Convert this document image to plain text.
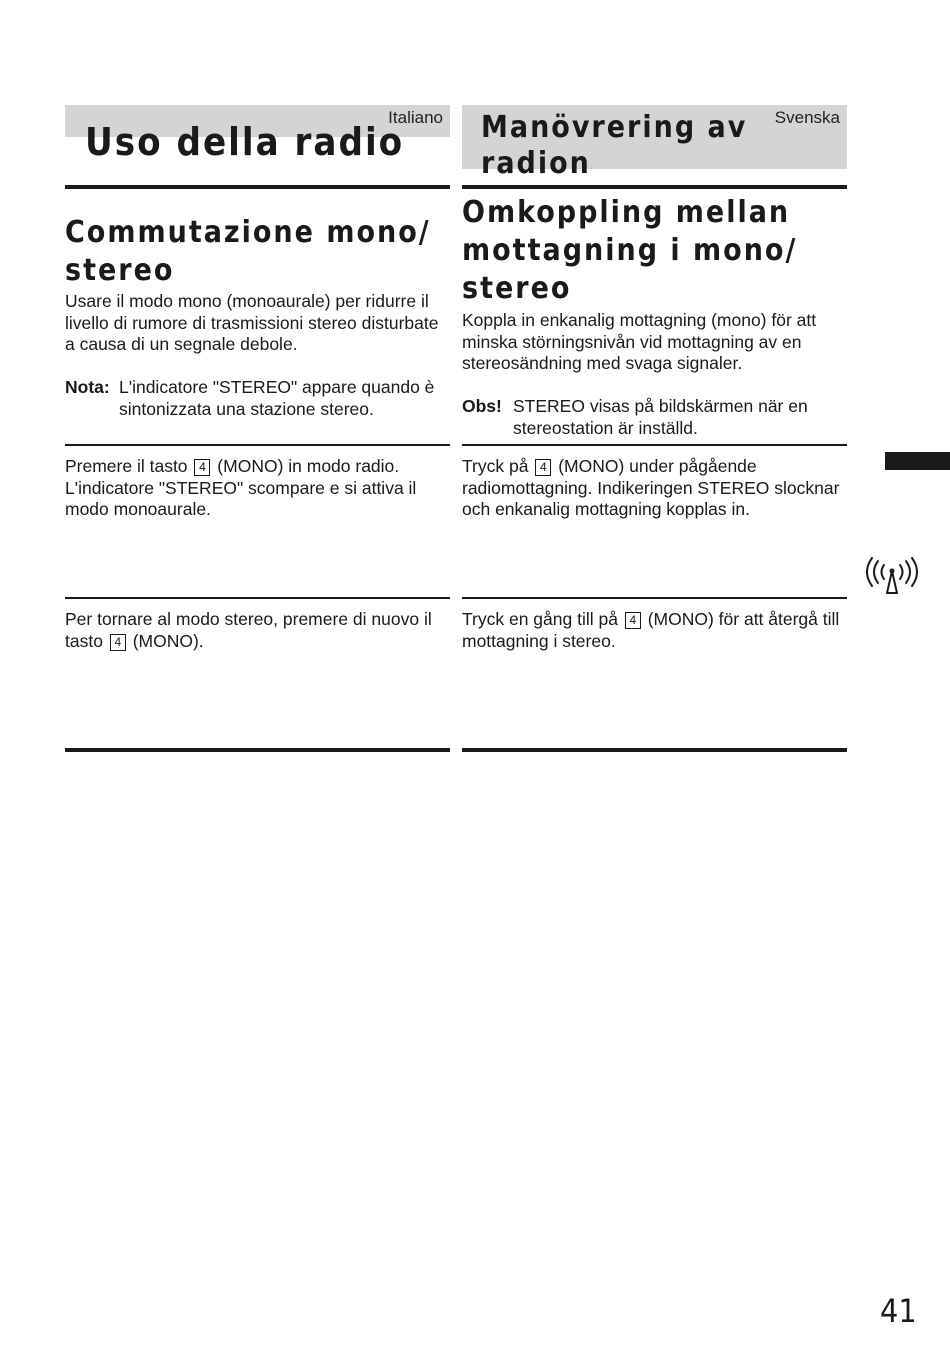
Italiano
Uso della radio
Commutazione mono/
stereo

Usare il modo mono (monoaurale) per ridurre il livello di rumore di trasmissioni stereo disturbate a causa di un segnale debole.

Nota: L'indicatore "STEREO" appare quando è sintonizzata una stazione stereo.

Premere il tasto 4 (MONO) in modo radio. L'indicatore "STEREO" scompare e si attiva il modo monoaurale.

Per tornare al modo stereo, premere di nuovo il tasto 4 (MONO).

Svenska
Manövrering av
radion
Omkoppling mellan
mottagning i mono/
stereo

Koppla in enkanalig mottagning (mono) för att minska störningsnivån vid mottagning av en stereosändning med svaga signaler.

Obs! STEREO visas på bildskärmen när en stereostation är inställd.

Tryck på 4 (MONO) under pågående radiomottagning. Indikeringen STEREO slocknar och enkanalig mottagning kopplas in.

Tryck en gång till på 4 (MONO) för att återgå till mottagning i stereo.

41
